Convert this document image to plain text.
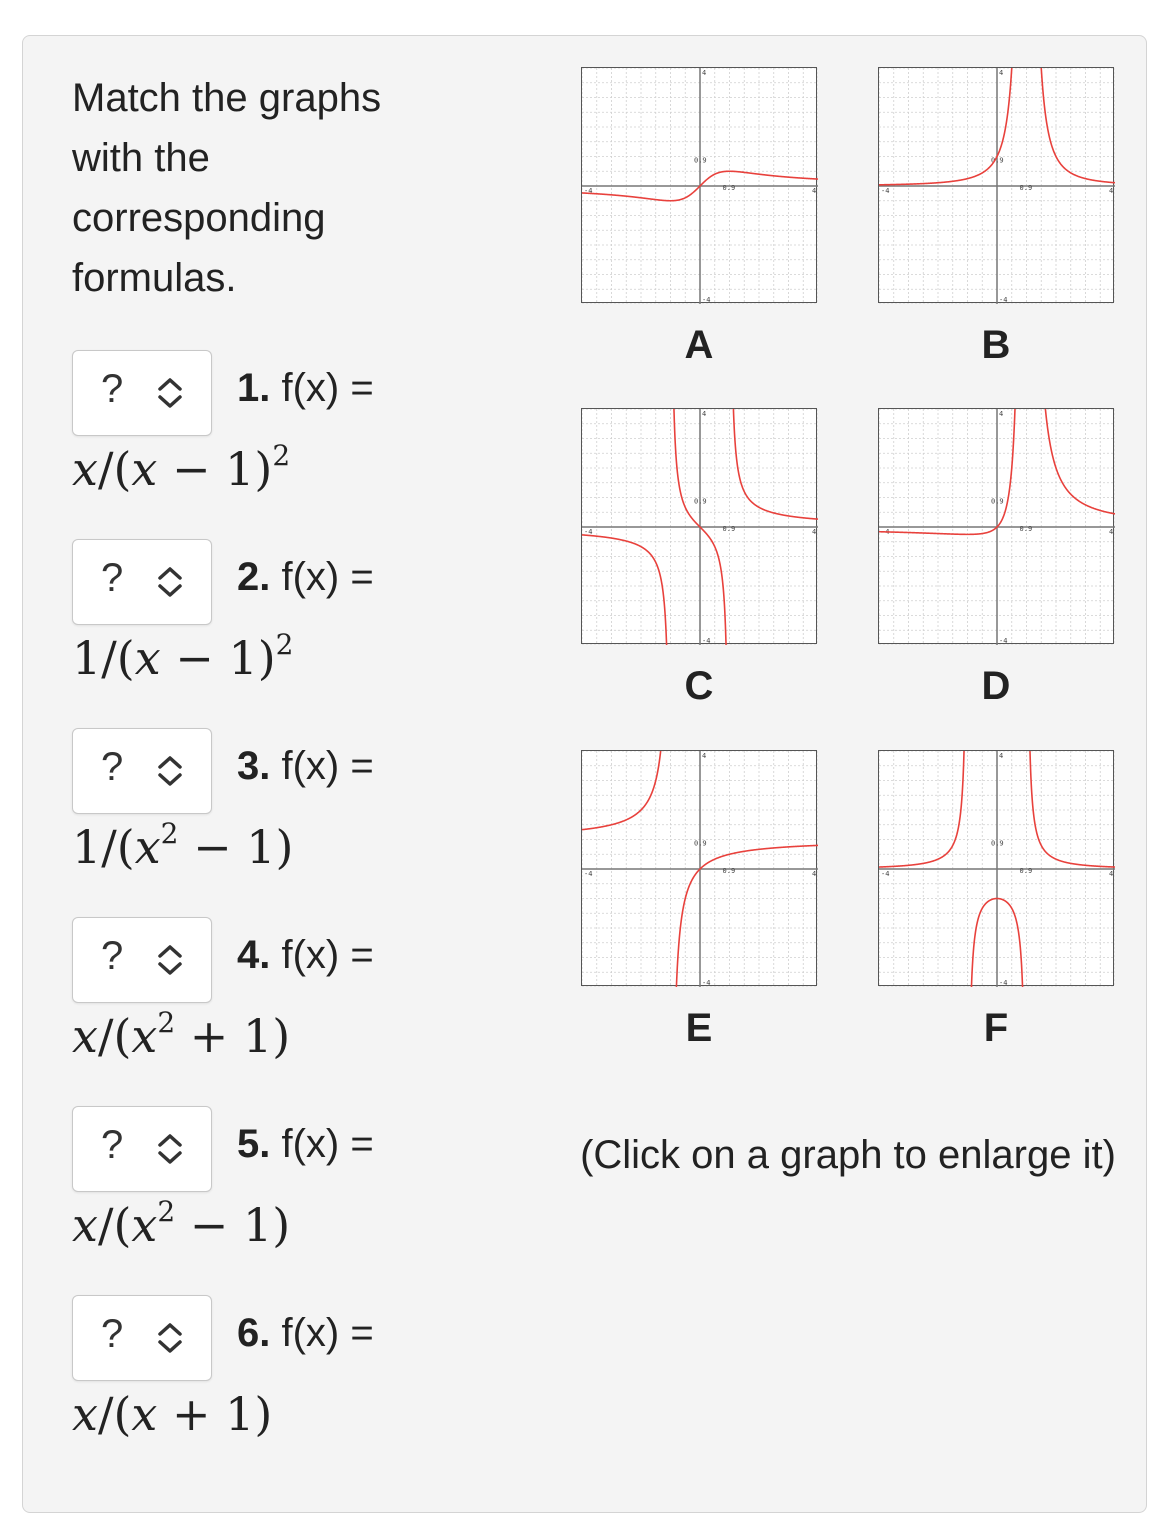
Match the graphs with the corresponding formulas.
?	1. f(x) =
$x/(x - 1)^2$
?	2. f(x) =
$1/(x - 1)^2$
?	3. f(x) =
$1/(x^2 - 1)$
?	4. f(x) =
$x/(x^2 + 1)$
?	5. f(x) =
$x/(x^2 - 1)$
?	6. f(x) =
x/(x + 1)
0.9
0.9
4
-4
-4	4
A
0.9
0.9
4
-4
-4	4
B
0.9
0.9
4
-4
-4	4
C
0.9
0.9
4
-4
-4	4
D
0.9
0.9
4
-4
-4	4
E
0.9
0.9
4
-4
-4	4
F
(Click on a graph to enlarge it)
